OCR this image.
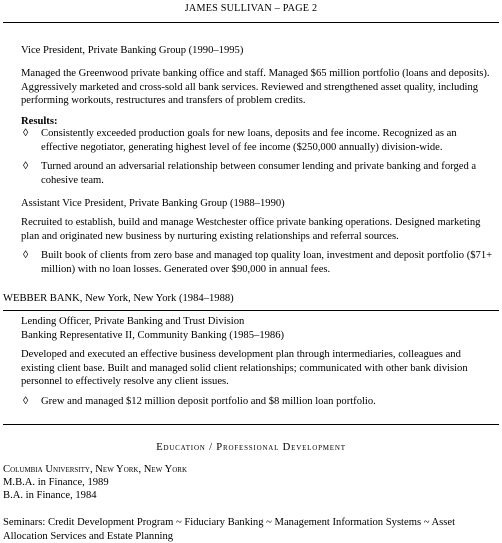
JAMES SULLIVAN – PAGE 2
Vice President, Private Banking Group (1990–1995)

Managed the Greenwood private banking office and staff. Managed $65 million portfolio (loans and deposits). Aggressively marketed and cross-sold all bank services. Reviewed and strengthened asset quality, including performing workouts, restructures and transfers of problem credits.

Results:
◊ Consistently exceeded production goals for new loans, deposits and fee income. Recognized as an effective negotiator, generating highest level of fee income ($250,000 annually) division-wide.
◊ Turned around an adversarial relationship between consumer lending and private banking and forged a cohesive team.
Assistant Vice President, Private Banking Group (1988–1990)

Recruited to establish, build and manage Westchester office private banking operations. Designed marketing plan and originated new business by nurturing existing relationships and referral sources.

◊ Built book of clients from zero base and managed top quality loan, investment and deposit portfolio ($71+ million) with no loan losses. Generated over $90,000 in annual fees.
WEBBER BANK, New York, New York (1984–1988)
Lending Officer, Private Banking and Trust Division
Banking Representative II, Community Banking (1985–1986)

Developed and executed an effective business development plan through intermediaries, colleagues and existing client base. Built and managed solid client relationships; communicated with other bank division personnel to effectively resolve any client issues.

◊ Grew and managed $12 million deposit portfolio and $8 million loan portfolio.
Education / Professional Development
Columbia University, New York, New York
M.B.A. in Finance, 1989
B.A. in Finance, 1984

Seminars: Credit Development Program ~ Fiduciary Banking ~ Management Information Systems ~ Asset Allocation Services and Estate Planning
